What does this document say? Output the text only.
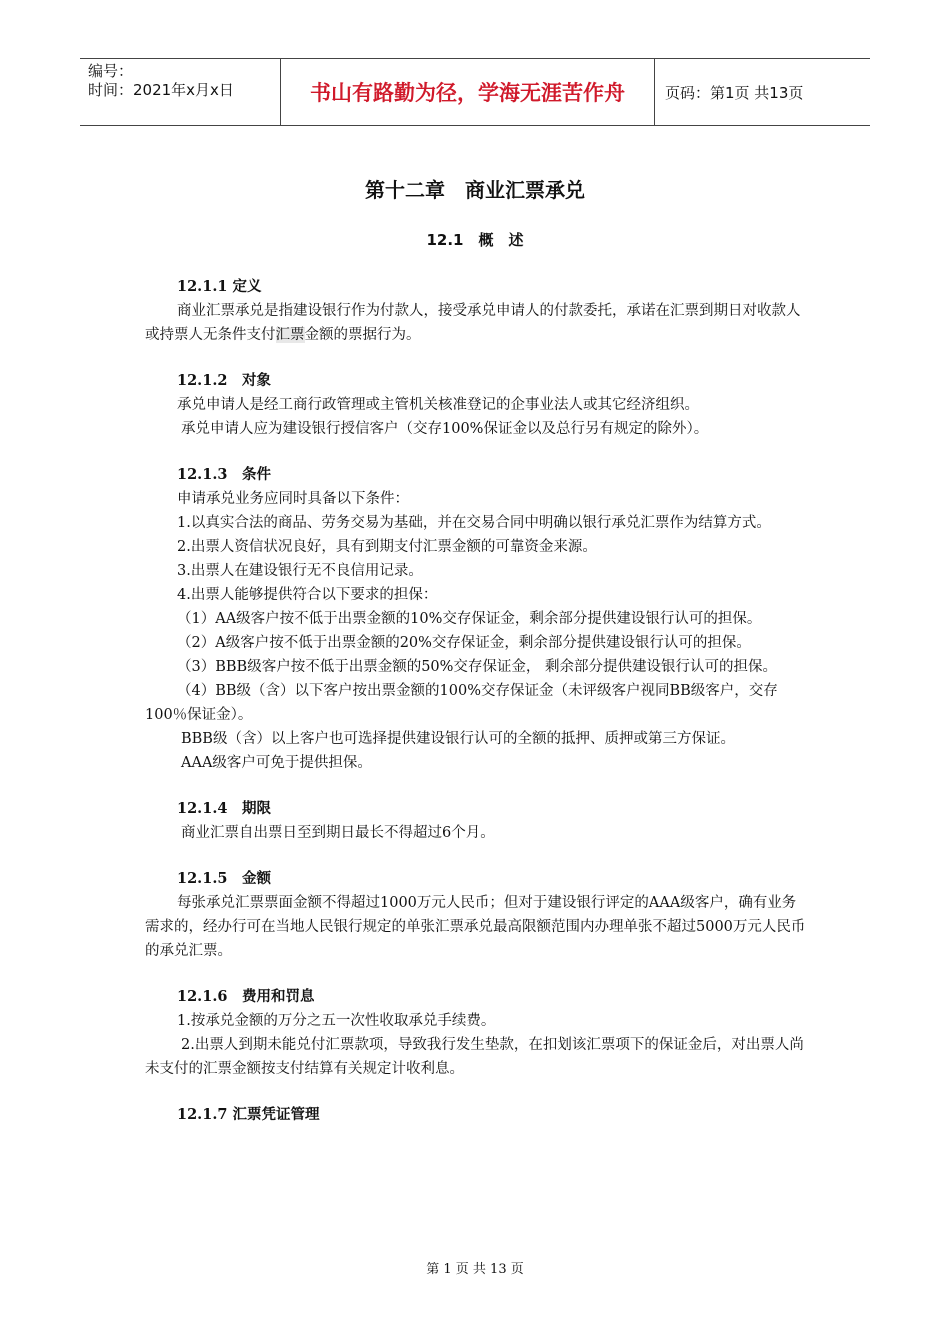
编号：
时间：2021年x月x日	书山有路勤为径，学海无涯苦作舟	页码：第1页 共13页
第十二章　商业汇票承兑
12.1　概　述

12.1.1 定义

商业汇票承兑是指建设银行作为付款人，接受承兑申请人的付款委托，承诺在汇票到期日对收款人或持票人无条件支付汇票金额的票据行为。

12.1.2　对象

承兑申请人是经工商行政管理或主管机关核准登记的企事业法人或其它经济组织。

承兑申请人应为建设银行授信客户（交存100%保证金以及总行另有规定的除外）。

12.1.3　条件

申请承兑业务应同时具备以下条件：

1.以真实合法的商品、劳务交易为基础，并在交易合同中明确以银行承兑汇票作为结算方式。

2.出票人资信状况良好，具有到期支付汇票金额的可靠资金来源。

3.出票人在建设银行无不良信用记录。

4.出票人能够提供符合以下要求的担保：

（1）AA级客户按不低于出票金额的10%交存保证金，剩余部分提供建设银行认可的担保。

（2）A级客户按不低于出票金额的20%交存保证金，剩余部分提供建设银行认可的担保。

（3）BBB级客户按不低于出票金额的50%交存保证金， 剩余部分提供建设银行认可的担保。

（4）BB级（含）以下客户按出票金额的100%交存保证金（未评级客户视同BB级客户，交存100％保证金）。

BBB级（含）以上客户也可选择提供建设银行认可的全额的抵押、质押或第三方保证。

AAA级客户可免于提供担保。

12.1.4　期限

商业汇票自出票日至到期日最长不得超过6个月。

12.1.5　金额

每张承兑汇票票面金额不得超过1000万元人民币；但对于建设银行评定的AAA级客户，确有业务需求的，经办行可在当地人民银行规定的单张汇票承兑最高限额范围内办理单张不超过5000万元人民币的承兑汇票。

12.1.6　费用和罚息

1.按承兑金额的万分之五一次性收取承兑手续费。

2.出票人到期未能兑付汇票款项，导致我行发生垫款，在扣划该汇票项下的保证金后，对出票人尚未支付的汇票金额按支付结算有关规定计收利息。

12.1.7 汇票凭证管理

第 1 页 共 13 页
